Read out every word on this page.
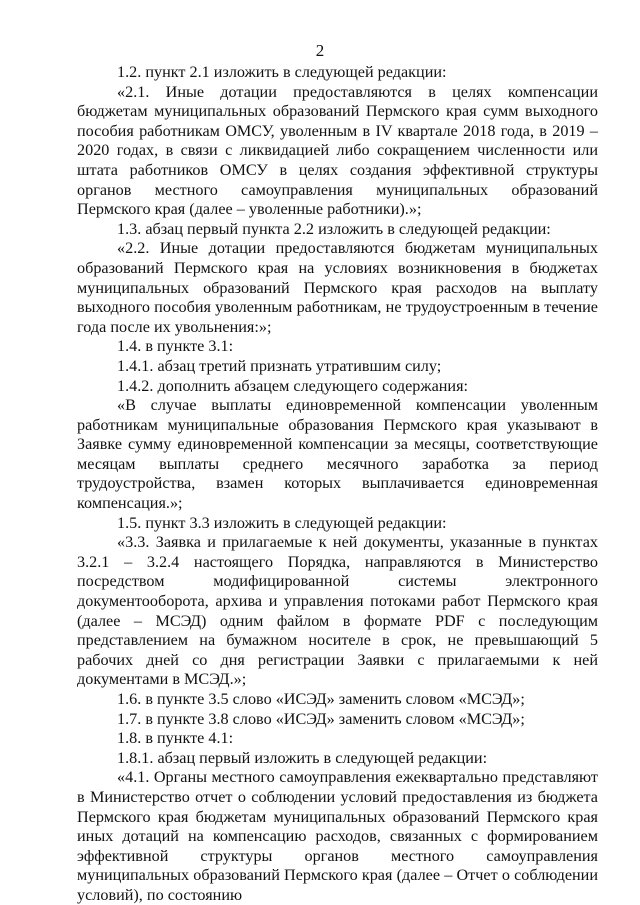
2

1.2. пункт 2.1 изложить в следующей редакции:

«2.1. Иные дотации предоставляются в целях компенсации бюджетам муниципальных образований Пермского края сумм выходного пособия работникам ОМСУ, уволенным в IV квартале 2018 года, в 2019 – 2020 годах, в связи с ликвидацией либо сокращением численности или штата работников ОМСУ в целях создания эффективной структуры органов местного самоуправления муниципальных образований Пермского края (далее – уволенные работники).»;

1.3. абзац первый пункта 2.2 изложить в следующей редакции:

«2.2. Иные дотации предоставляются бюджетам муниципальных образований Пермского края на условиях возникновения в бюджетах муниципальных образований Пермского края расходов на выплату выходного пособия уволенным работникам, не трудоустроенным в течение года после их увольнения:»;

1.4. в пункте 3.1:

1.4.1. абзац третий признать утратившим силу;

1.4.2. дополнить абзацем следующего содержания:

«В случае выплаты единовременной компенсации уволенным работникам муниципальные образования Пермского края указывают в Заявке сумму единовременной компенсации за месяцы, соответствующие месяцам выплаты среднего месячного заработка за период трудоустройства, взамен которых выплачивается единовременная компенсация.»;

1.5. пункт 3.3 изложить в следующей редакции:

«3.3. Заявка и прилагаемые к ней документы, указанные в пунктах 3.2.1 – 3.2.4 настоящего Порядка, направляются в Министерство посредством модифицированной системы электронного документооборота, архива и управления потоками работ Пермского края (далее – МСЭД) одним файлом в формате PDF с последующим представлением на бумажном носителе в срок, не превышающий 5 рабочих дней со дня регистрации Заявки с прилагаемыми к ней документами в МСЭД.»;

1.6. в пункте 3.5 слово «ИСЭД» заменить словом «МСЭД»;

1.7. в пункте 3.8 слово «ИСЭД» заменить словом «МСЭД»;

1.8. в пункте 4.1:

1.8.1. абзац первый изложить в следующей редакции:

«4.1. Органы местного самоуправления ежеквартально представляют в Министерство отчет о соблюдении условий предоставления из бюджета Пермского края бюджетам муниципальных образований Пермского края иных дотаций на компенсацию расходов, связанных с формированием эффективной структуры органов местного самоуправления муниципальных образований Пермского края (далее – Отчет о соблюдении условий), по состоянию
